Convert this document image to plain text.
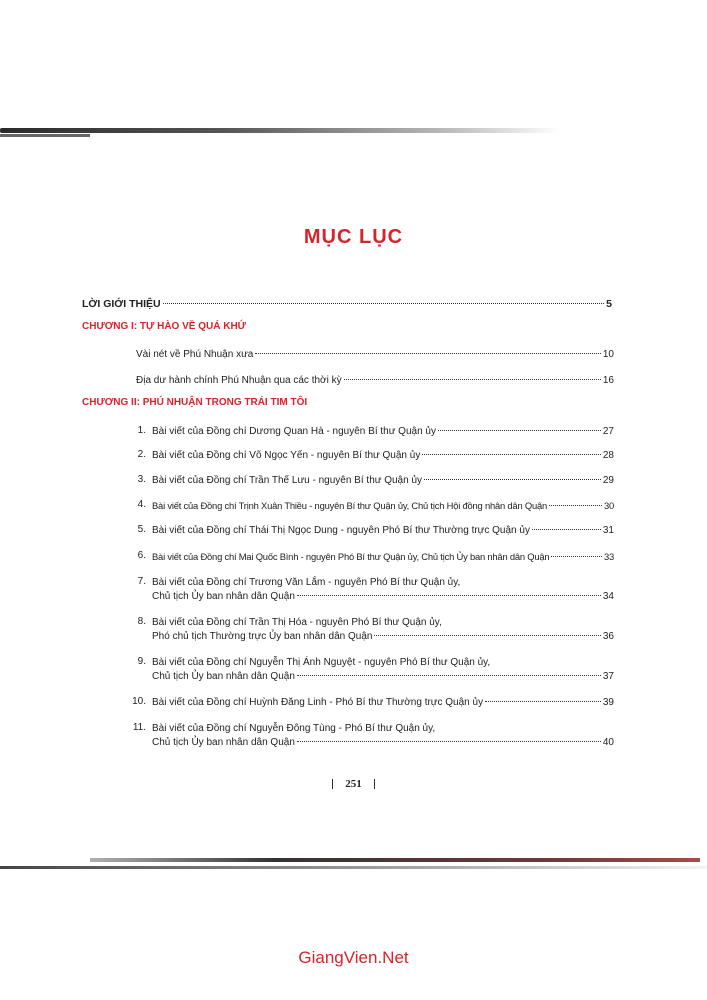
MỤC LỤC
LỜI GIỚI THIỆU	5
CHƯƠNG I: TỰ HÀO VỀ QUÁ KHỨ
Vài nét về Phú Nhuận xưa	10
Địa dư hành chính Phú Nhuận qua các thời kỳ	16
CHƯƠNG II: PHÚ NHUẬN TRONG TRÁI TIM TÔI
1. Bài viết của Đồng chí Dương Quan Hà - nguyên Bí thư Quận ủy	27
2. Bài viết của Đồng chí Võ Ngọc Yến - nguyên Bí thư Quận ủy	28
3. Bài viết của Đồng chí Trần Thế Lưu - nguyên Bí thư Quận ủy	29
4. Bài viết của Đồng chí Trịnh Xuân Thiều - nguyên Bí thư Quận ủy, Chủ tịch Hội đồng nhân dân Quận	30
5. Bài viết của Đồng chí Thái Thị Ngọc Dung - nguyên Phó Bí thư Thường trực Quận ủy	31
6. Bài viết của Đồng chí Mai Quốc Bình - nguyên Phó Bí thư Quận ủy, Chủ tịch Ủy ban nhân dân Quận	33
7. Bài viết của Đồng chí Trương Văn Lắm - nguyên Phó Bí thư Quận ủy,
Chủ tịch Ủy ban nhân dân Quận	34
8. Bài viết của Đồng chí Trần Thị Hóa - nguyên Phó Bí thư Quận ủy,
Phó chủ tịch Thường trực Ủy ban nhân dân Quận	36
9. Bài viết của Đồng chí Nguyễn Thị Ánh Nguyệt - nguyên Phó Bí thư Quận ủy,
Chủ tịch Ủy ban nhân dân Quận	37
10. Bài viết của Đồng chí Huỳnh Đăng Linh - Phó Bí thư Thường trực Quận ủy	39
11. Bài viết của Đồng chí Nguyễn Đông Tùng - Phó Bí thư Quận ủy,
Chủ tịch Ủy ban nhân dân Quận	40
251
GiangVien.Net
